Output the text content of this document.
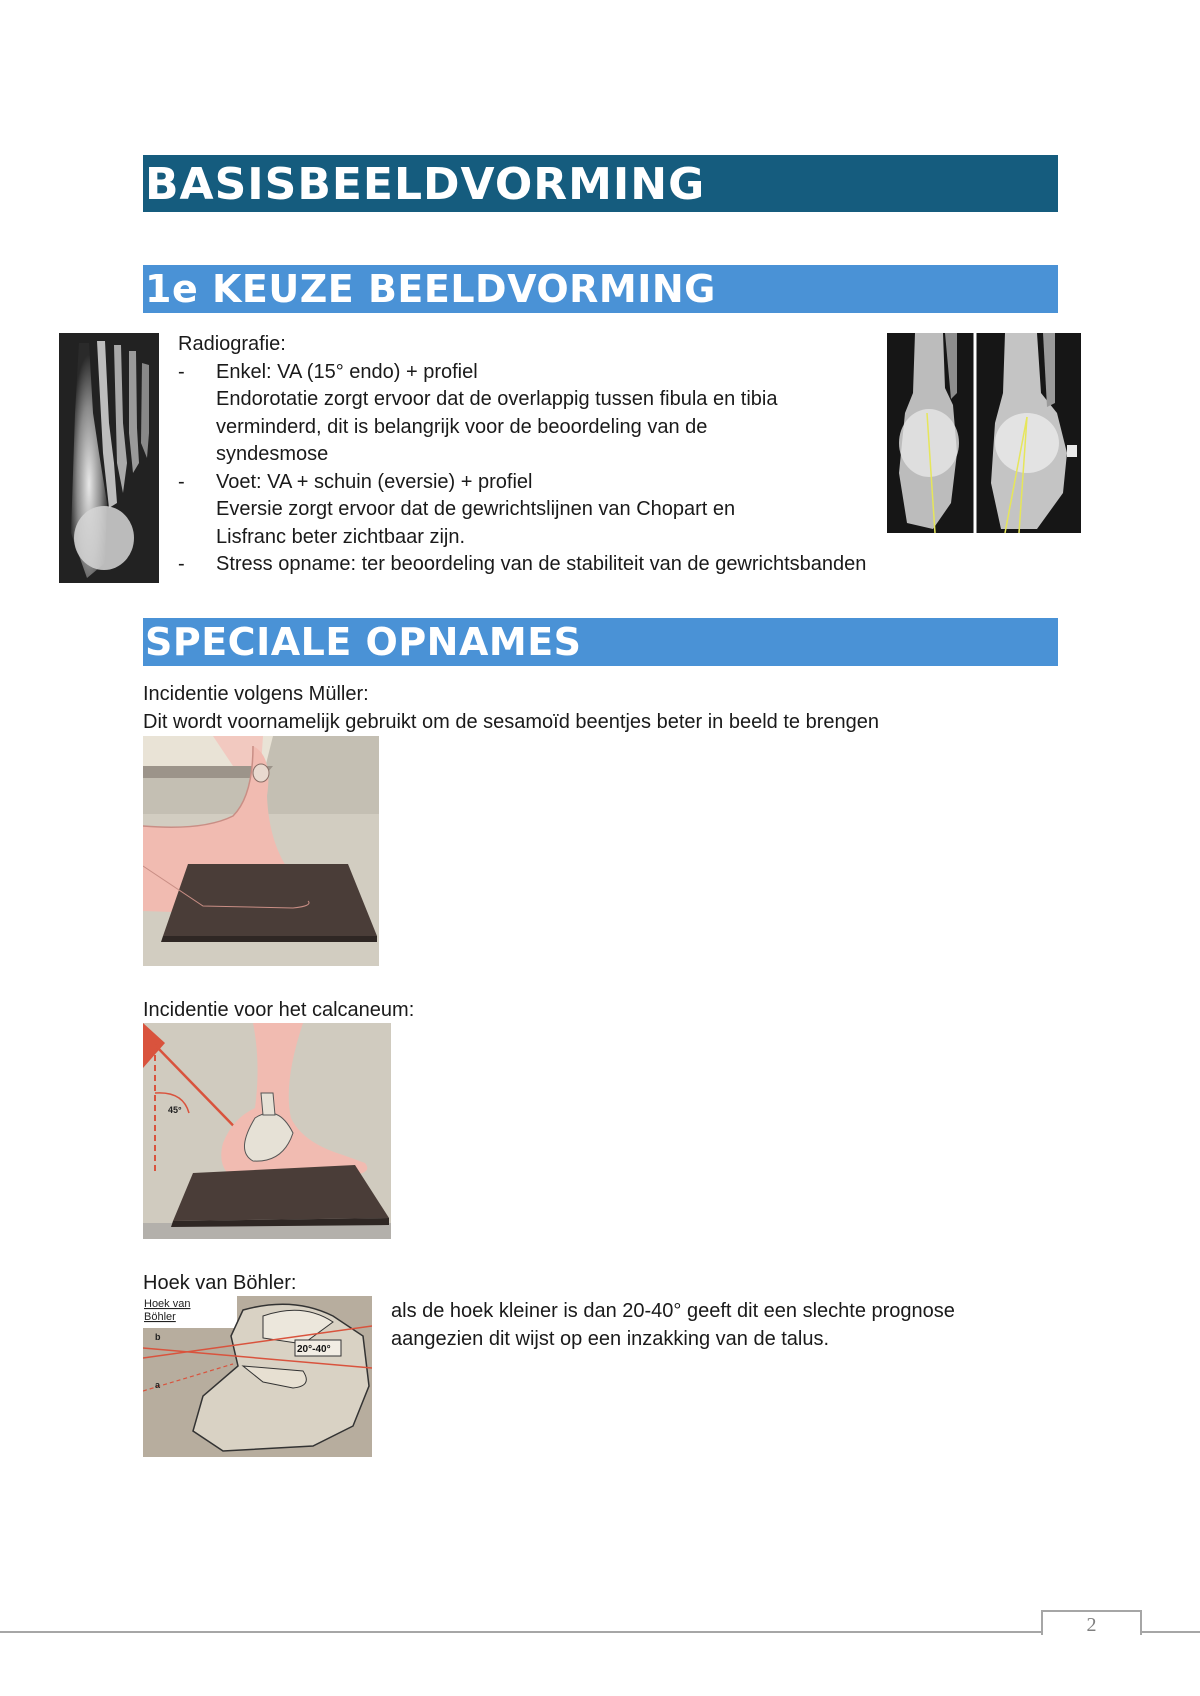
BASISBEELDVORMING
1e KEUZE BEELDVORMING
Radiografie:
- Enkel: VA (15° endo) + profiel
Endorotatie zorgt ervoor dat de overlappig tussen fibula en tibia
verminderd, dit is belangrijk voor de beoordeling van de
syndesmose
- Voet: VA + schuin (eversie) + profiel
Eversie zorgt ervoor dat de gewrichtslijnen van Chopart en
Lisfranc beter zichtbaar zijn.
- Stress opname: ter beoordeling van de stabiliteit van de gewrichtsbanden
SPECIALE OPNAMES
Incidentie volgens Müller:
Dit wordt voornamelijk gebruikt om de sesamoïd beentjes beter in beeld te brengen
Incidentie voor het calcaneum:
45°
Hoek van Böhler:
Hoek van
Böhler
b
a
20°-40°
als de hoek kleiner is dan 20-40° geeft dit een slechte prognose
aangezien dit wijst op een inzakking van de talus.
2
